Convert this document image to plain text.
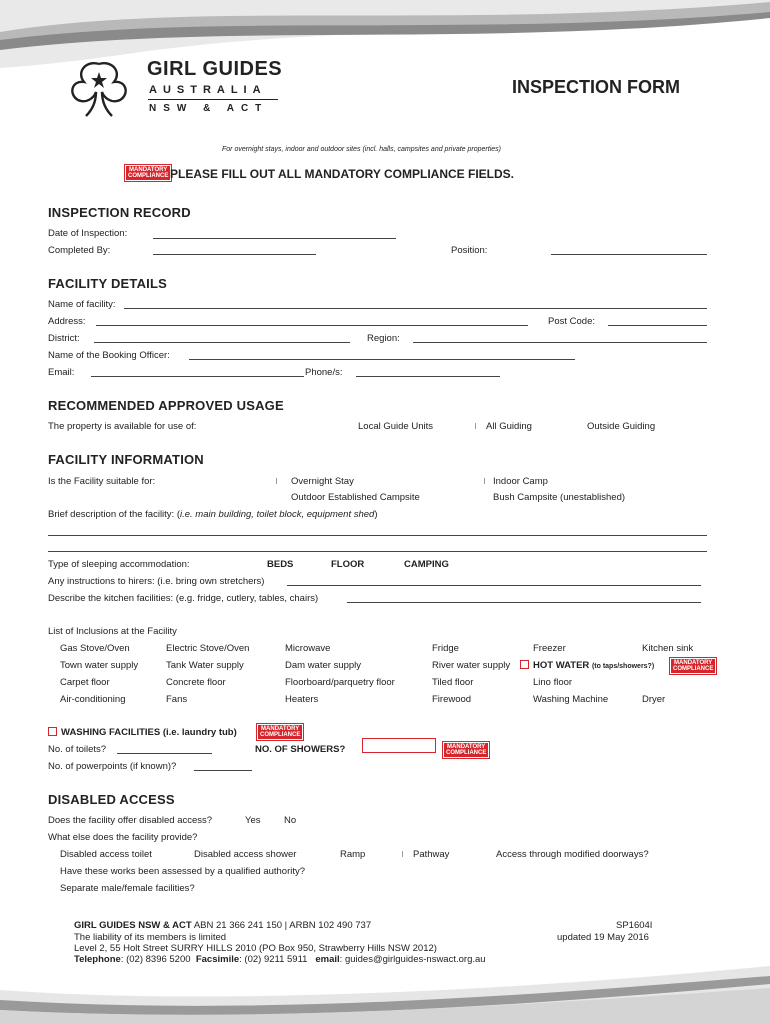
GIRL GUIDES
AUSTRALIA
NSW & ACT
INSPECTION FORM
For overnight stays, indoor and outdoor sites (incl. halls, campsites and private properties)
MANDATORY
COMPLIANCE PLEASE FILL OUT ALL MANDATORY COMPLIANCE FIELDS.
INSPECTION RECORD
Date of Inspection:
Completed By:	Position:
FACILITY DETAILS
Name of facility:
Address:	Post Code:
District:	Region:
Name of the Booking Officer:
Email:	Phone/s:
RECOMMENDED APPROVED USAGE
The property is available for use of:	Local Guide Units	All Guiding	Outside Guiding
FACILITY INFORMATION
Is the Facility suitable for:	Overnight Stay	Indoor Camp
Outdoor Established Campsite	Bush Campsite (unestablished)
Brief description of the facility: (i.e. main building, toilet block, equipment shed)
Type of sleeping accommodation:	BEDS	FLOOR	CAMPING
Any instructions to hirers: (i.e. bring own stretchers)
Describe the kitchen facilities: (e.g. fridge, cutlery, tables, chairs)
List of Inclusions at the Facility
Gas Stove/Oven	Electric Stove/Oven	Microwave	Fridge	Freezer	Kitchen sink
Town water supply	Tank Water supply	Dam water supply	River water supply HOT WATER (to taps/showers?)	MANDATORY
COMPLIANCE
Carpet floor	Concrete floor	Floorboard/parquetry floor	Tiled floor	Lino floor
Air-conditioning	Fans	Heaters	Firewood	Washing Machine	Dryer
WASHING FACILITIES (i.e. laundry tub)	MANDATORY
COMPLIANCE
No. of toilets?	NO. OF SHOWERS?	MANDATORY
COMPLIANCE
No. of powerpoints (if known)?
DISABLED ACCESS
Does the facility offer disabled access?	Yes No
What else does the facility provide?
Disabled access toilet	Disabled access shower	Ramp	Pathway	Access through modified doorways?
Have these works been assessed by a qualified authority?
Separate male/female facilities?
GIRL GUIDES NSW & ACT ABN 21 366 241 150 | ARBN 102 490 737
The liability of its members is limited
Level 2, 55 Holt Street SURRY HILLS 2010 (PO Box 950, Strawberry Hills NSW 2012)
Telephone: (02) 8396 5200 Facsimile: (02) 9211 5911 email: guides@girlguides-nswact.org.au
SP1604I
updated 19 May 2016
